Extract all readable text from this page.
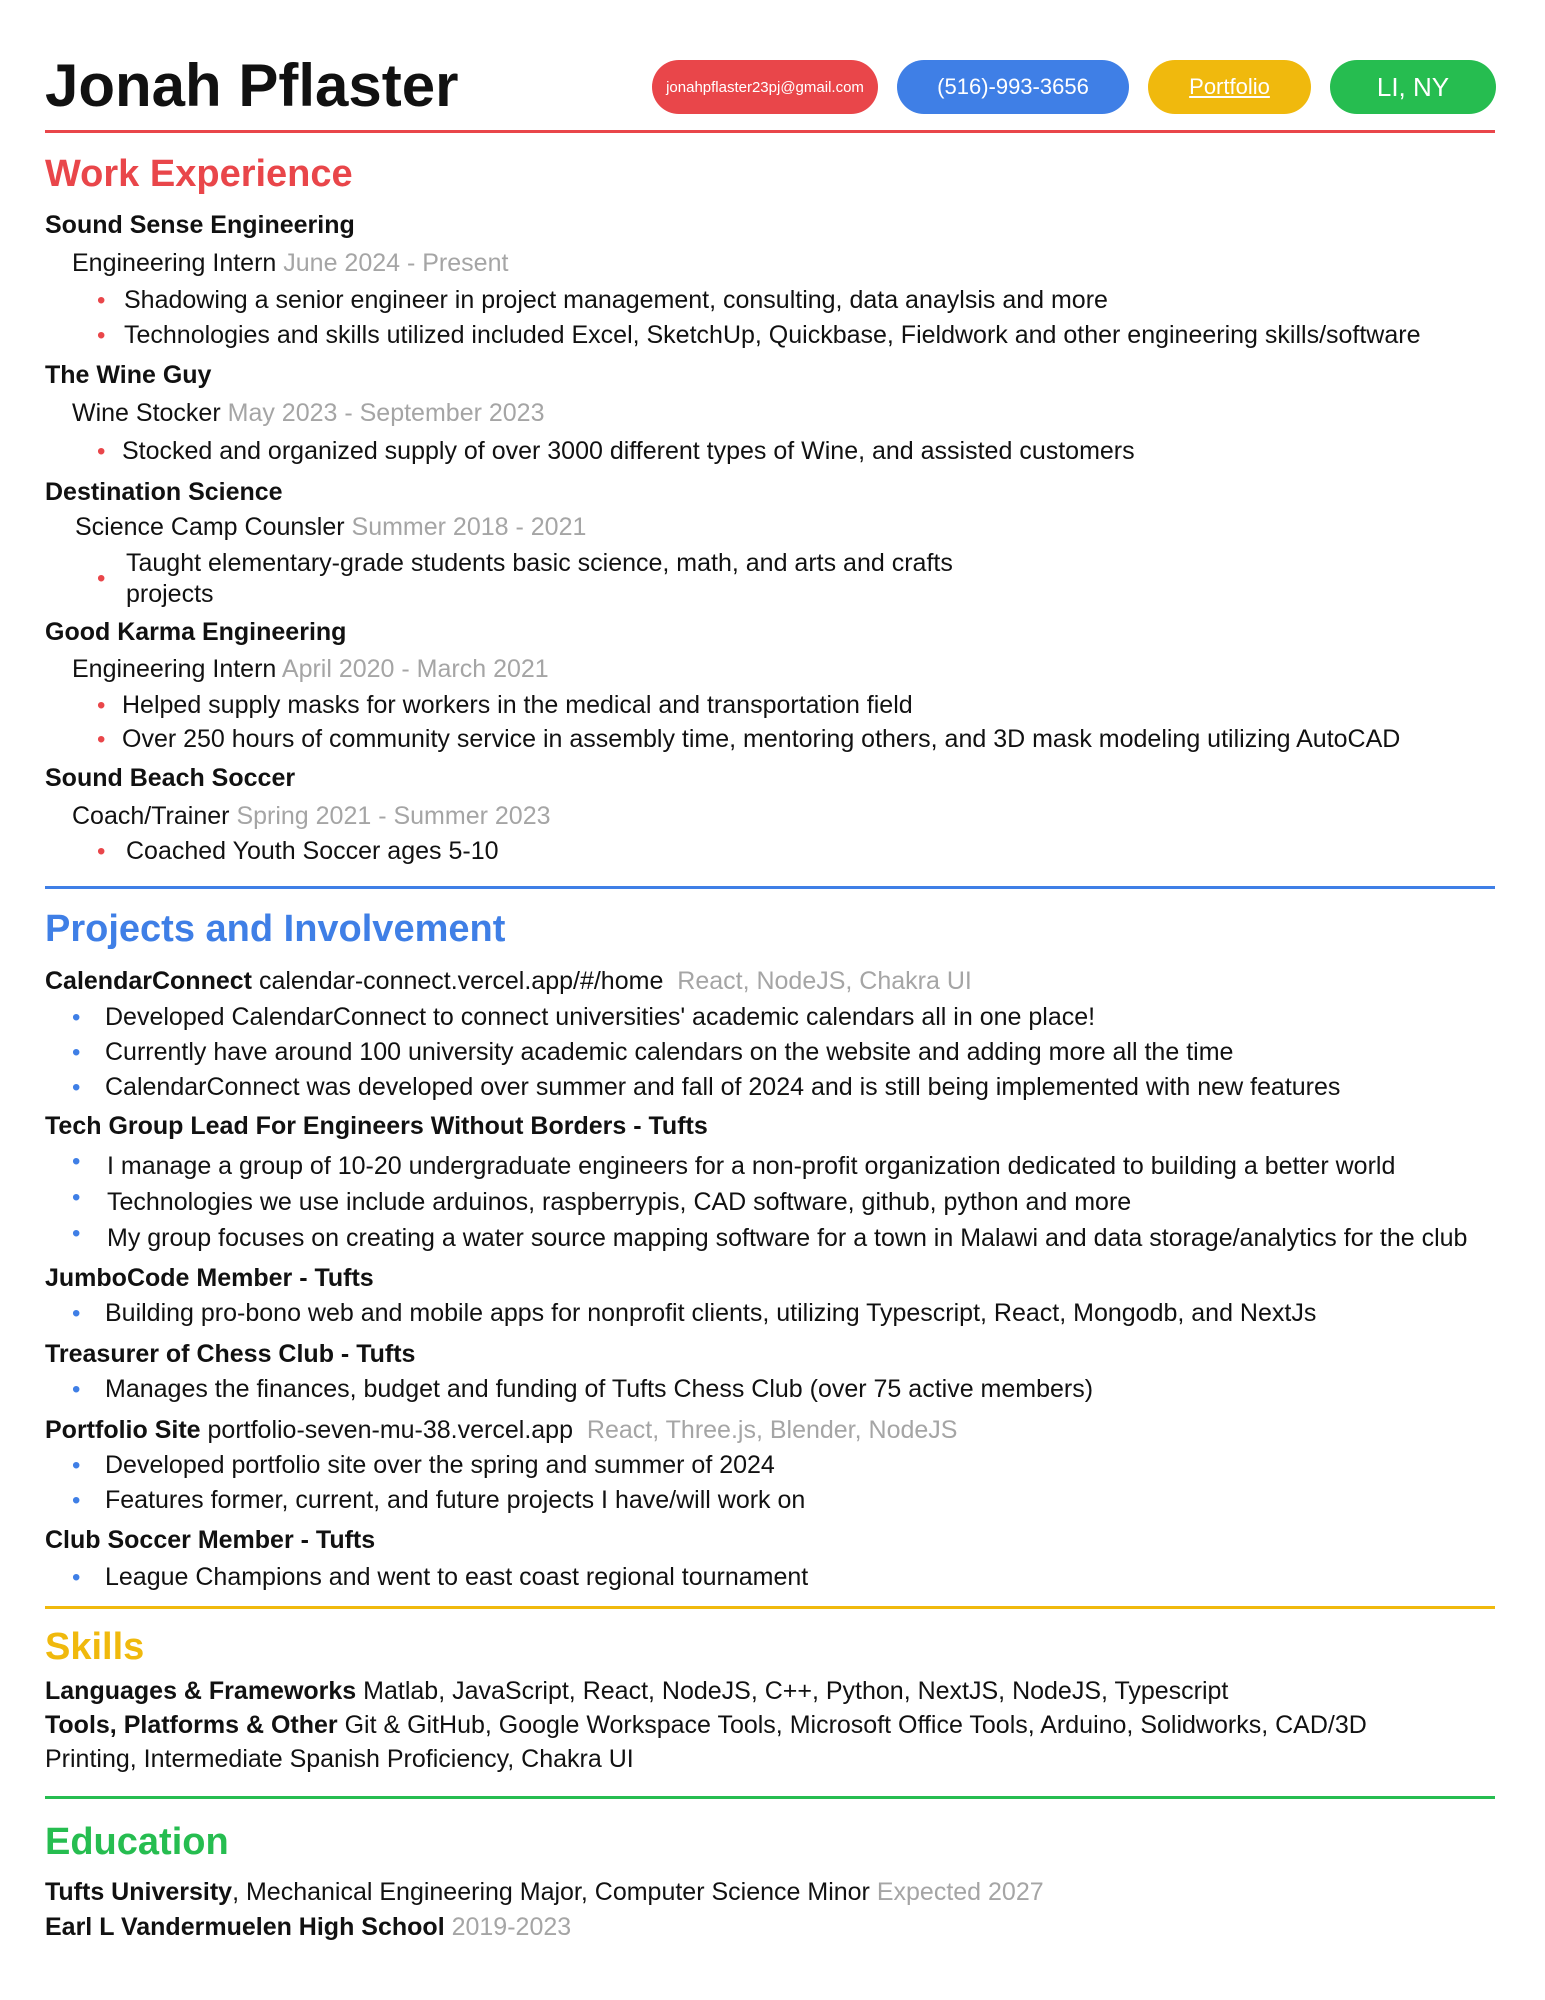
Jonah Pflaster	jonahpflaster23pj@gmail.com	(516)-993-3656	Portfolio	LI, NY
Work Experience
Sound Sense Engineering
Engineering Intern June 2024 - Present
• Shadowing a senior engineer in project management, consulting, data anaylsis and more
• Technologies and skills utilized included Excel, SketchUp, Quickbase, Fieldwork and other engineering skills/software
The Wine Guy
Wine Stocker May 2023 - September 2023
• Stocked and organized supply of over 3000 different types of Wine, and assisted customers
Destination Science
Science Camp Counsler Summer 2018 - 2021
•
Taught elementary-grade students basic science, math, and arts and crafts
projects
Good Karma Engineering
Engineering Intern April 2020 - March 2021
• Helped supply masks for workers in the medical and transportation field
• Over 250 hours of community service in assembly time, mentoring others, and 3D mask modeling utilizing AutoCAD
Sound Beach Soccer
Coach/Trainer Spring 2021 - Summer 2023
• Coached Youth Soccer ages 5-10
Projects and Involvement
CalendarConnect calendar-connect.vercel.app/#/home React, NodeJS, Chakra UI
• Developed CalendarConnect to connect universities' academic calendars all in one place!
• Currently have around 100 university academic calendars on the website and adding more all the time
• CalendarConnect was developed over summer and fall of 2024 and is still being implemented with new features
Tech Group Lead For Engineers Without Borders - Tufts
• I manage a group of 10-20 undergraduate engineers for a non-profit organization dedicated to building a better world
• Technologies we use include arduinos, raspberrypis, CAD software, github, python and more
• My group focuses on creating a water source mapping software for a town in Malawi and data storage/analytics for the club
JumboCode Member - Tufts
• Building pro-bono web and mobile apps for nonprofit clients, utilizing Typescript, React, Mongodb, and NextJs
Treasurer of Chess Club - Tufts
• Manages the finances, budget and funding of Tufts Chess Club (over 75 active members)
Portfolio Site portfolio-seven-mu-38.vercel.app React, Three.js, Blender, NodeJS
• Developed portfolio site over the spring and summer of 2024
• Features former, current, and future projects I have/will work on
Club Soccer Member - Tufts
• League Champions and went to east coast regional tournament
Skills
Languages & Frameworks Matlab, JavaScript, React, NodeJS, C++, Python, NextJS, NodeJS, Typescript
Tools, Platforms & Other Git & GitHub, Google Workspace Tools, Microsoft Office Tools, Arduino, Solidworks, CAD/3D
Printing, Intermediate Spanish Proficiency, Chakra UI
Education
Tufts University, Mechanical Engineering Major, Computer Science Minor Expected 2027
Earl L Vandermuelen High School 2019-2023
